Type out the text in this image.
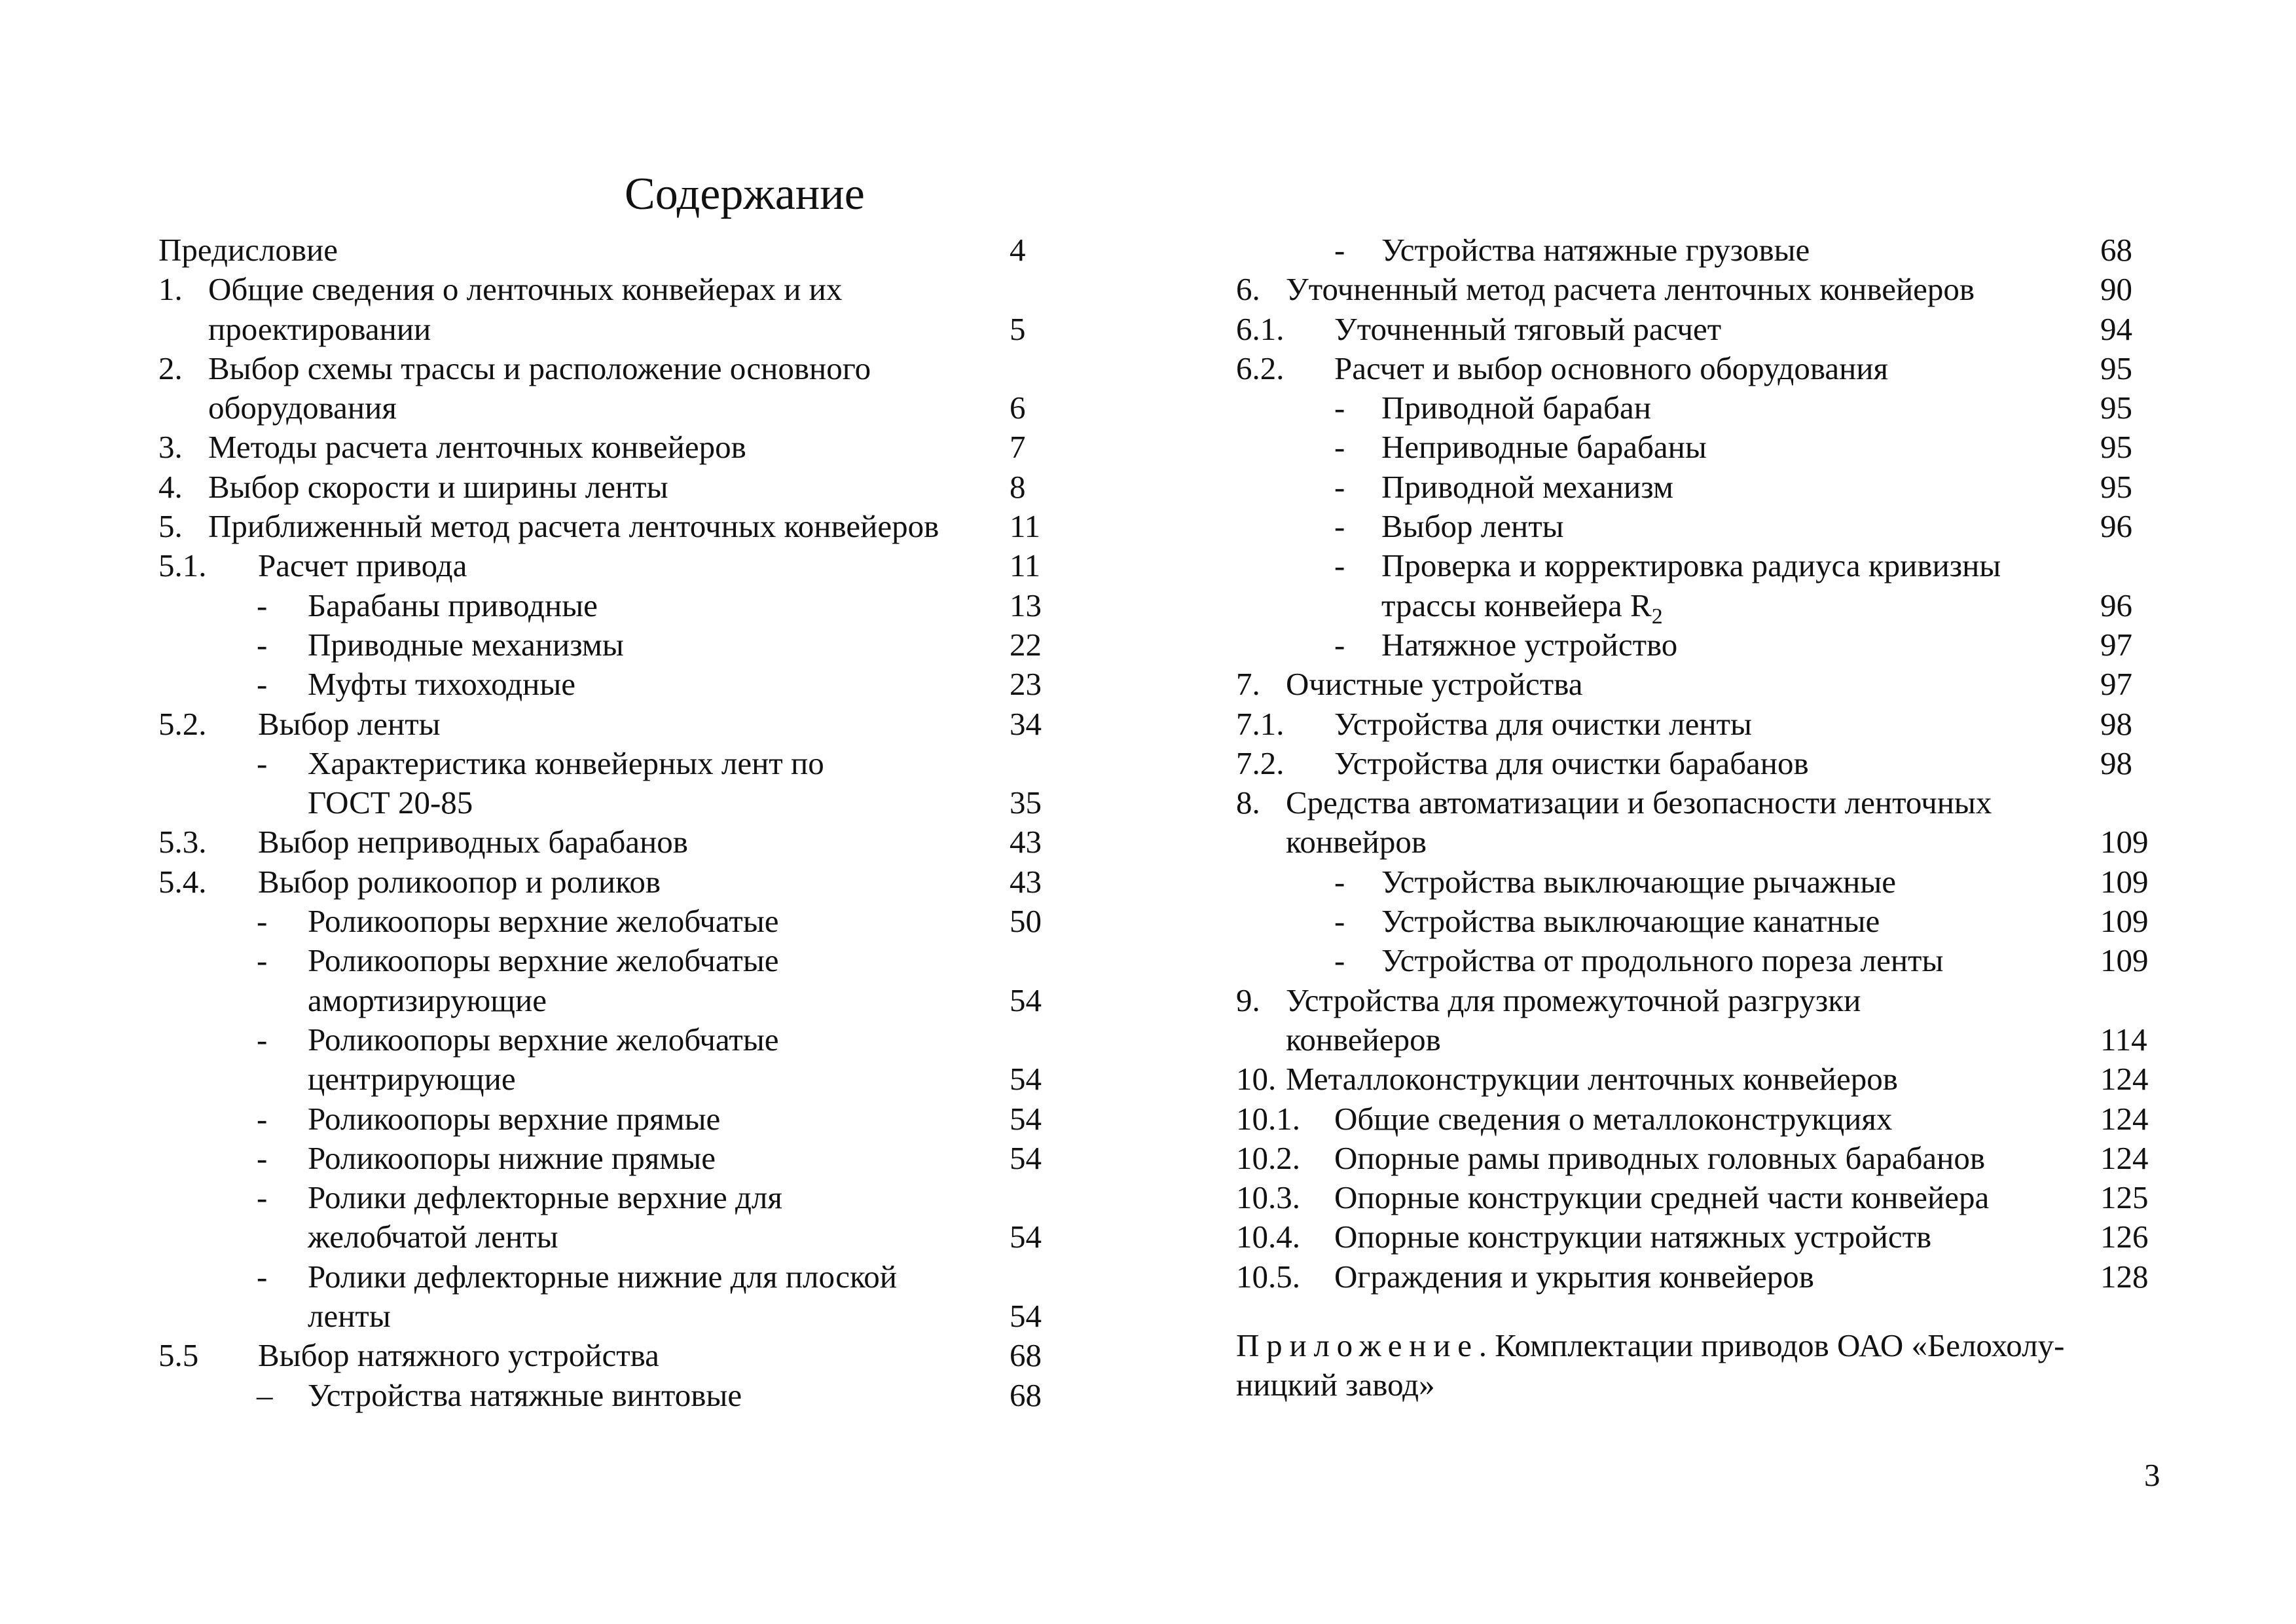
Содержание
Предисловие	4
1. Общие сведения о ленточных конвейерах и их
проектировании	5
2. Выбор схемы трассы и расположение основного
оборудования	6
3. Методы расчета ленточных конвейеров	7
4. Выбор скорости и ширины ленты	8
5. Приближенный метод расчета ленточных конвейеров 11
5.1. Расчет привода	11
- Барабаны приводные	13
- Приводные механизмы	22
- Муфты тихоходные	23
5.2. Выбор ленты	34
- Характеристика конвейерных лент по
ГОСТ 20-85	35
5.3. Выбор неприводных барабанов	43
5.4. Выбор роликоопор и роликов	43
- Роликоопоры верхние желобчатые	50
- Роликоопоры верхние желобчатые
амортизирующие	54
- Роликоопоры верхние желобчатые
центрирующие	54
- Роликоопоры верхние прямые	54
- Роликоопоры нижние прямые	54
- Ролики дефлекторные верхние для
желобчатой ленты	54
- Ролики дефлекторные нижние для плоской
ленты	54
5.5 Выбор натяжного устройства	68
– Устройства натяжные винтовые	68
- Устройства натяжные грузовые	68
6. Уточненный метод расчета ленточных конвейеров	90
6.1. Уточненный тяговый расчет	94
6.2. Расчет и выбор основного оборудования	95
- Приводной барабан	95
- Неприводные барабаны	95
- Приводной механизм	95
- Выбор ленты	96
- Проверка и корректировка радиуса кривизны
трассы конвейера $R_2$	96
- Натяжное устройство	97
7. Очистные устройства	97
7.1. Устройства для очистки ленты	98
7.2. Устройства для очистки барабанов	98
8. Средства автоматизации и безопасности ленточных
конвейров	109
- Устройства выключающие рычажные	109
- Устройства выключающие канатные	109
- Устройства от продольного пореза ленты	109
9. Устройства для промежуточной разгрузки
конвейеров	114
10. Металлоконструкции ленточных конвейеров	124
10.1. Общие сведения о металлоконструкциях	124
10.2. Опорные рамы приводных головных барабанов	124
10.3. Опорные конструкции средней части конвейера	125
10.4. Опорные конструкции натяжных устройств	126
10.5. Ограждения и укрытия конвейеров	128
Приложение. Комплектации приводов ОАО «Белохолу-
ницкий завод»
3
